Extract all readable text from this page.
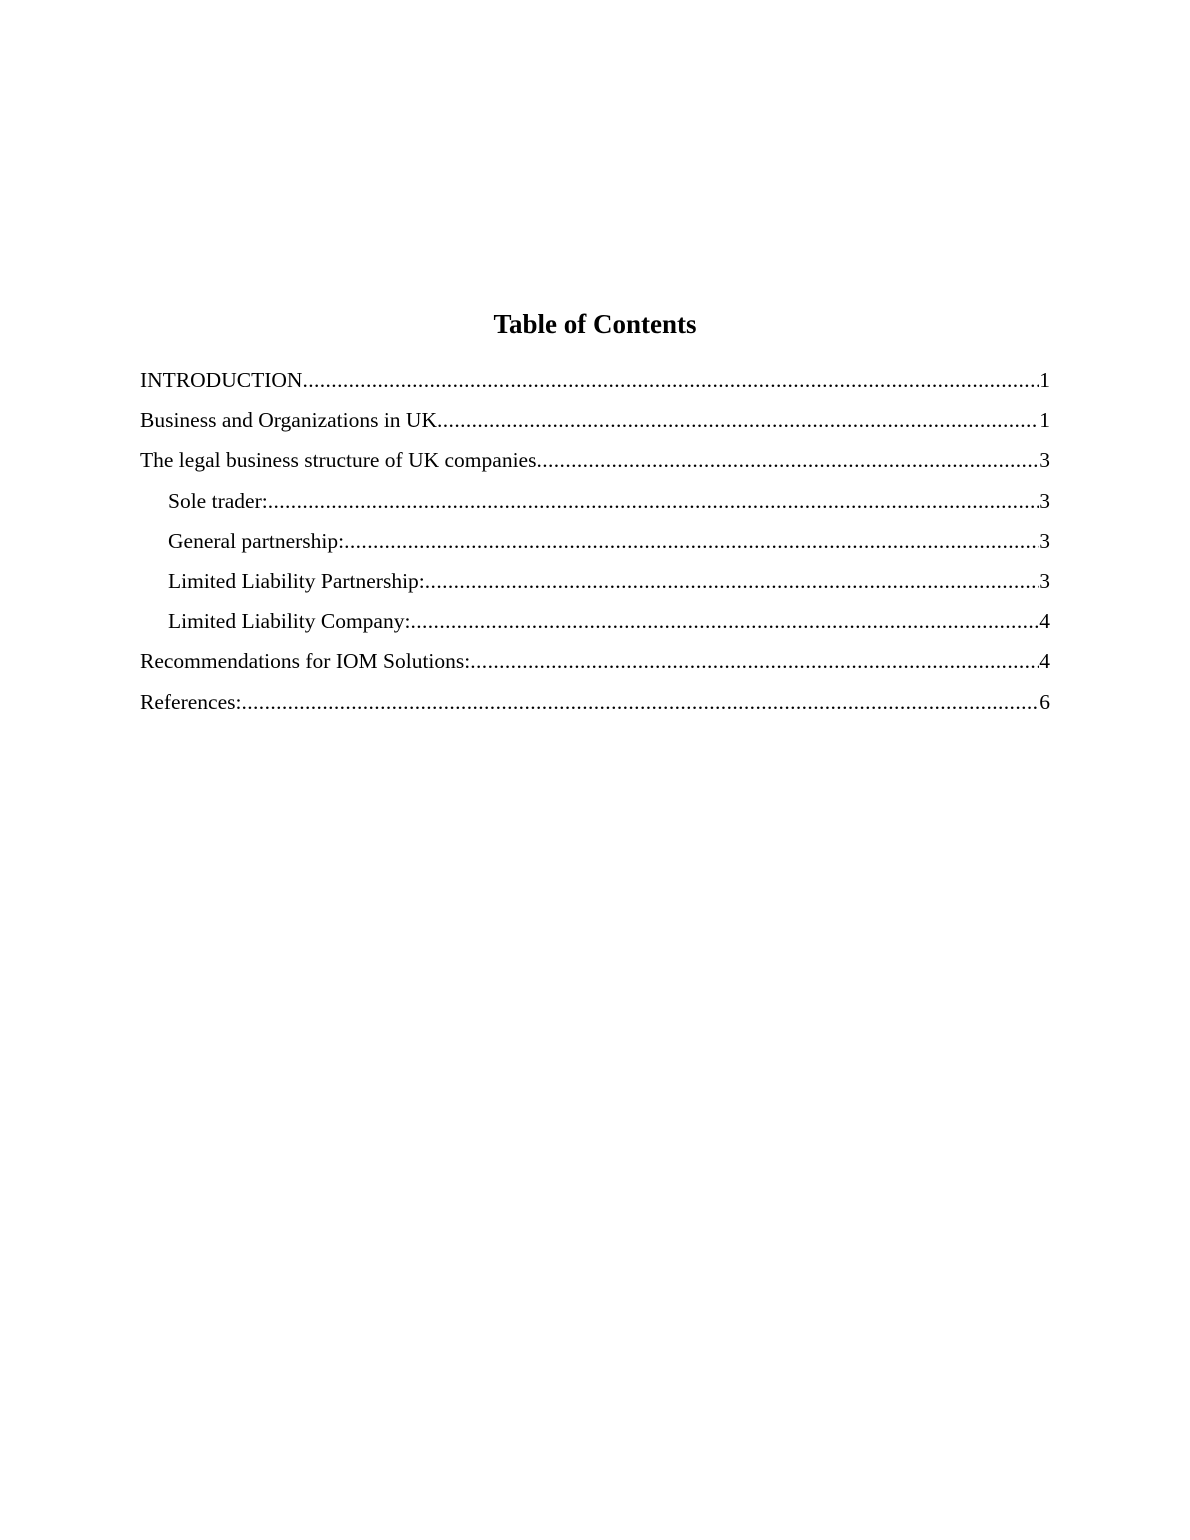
Table of Contents
INTRODUCTION .....	1
Business and Organizations in UK .....	1
The legal business structure of UK companies .....	3
Sole trader: .....	3
General partnership: .....	3
Limited Liability Partnership: .....	3
Limited Liability Company: .....	4
Recommendations for IOM Solutions: .....	4
References: .....	6
